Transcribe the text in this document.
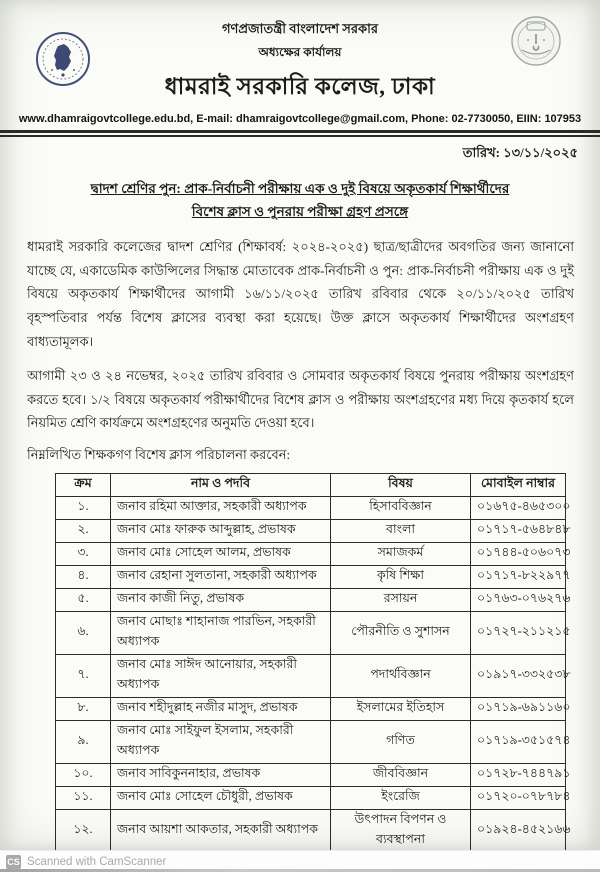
গণপ্রজাতন্ত্রী বাংলাদেশ সরকার
অধ্যক্ষের কার্যালয়
ধামরাই সরকারি কলেজ, ঢাকা
www.dhamraigovtcollege.edu.bd, E-mail: dhamraigovtcollege@gmail.com, Phone: 02-7730050, EIIN: 107953
তারিখ: ১৩/১১/২০২৫
দ্বাদশ শ্রেণির পুন: প্রাক-নির্বাচনী পরীক্ষায় এক ও দুই বিষয়ে অকৃতকার্য শিক্ষার্থীদের
বিশেষ ক্লাস ও পুনরায় পরীক্ষা গ্রহণ প্রসঙ্গে

ধামরাই সরকারি কলেজের দ্বাদশ শ্রেণির (শিক্ষাবর্ষ: ২০২৪-২০২৫) ছাত্র/ছাত্রীদের অবগতির জন্য জানানো যাচ্ছে যে, একাডেমিক কাউন্সিলের সিদ্ধান্ত মোতাবেক প্রাক-নির্বাচনী ও পুন: প্রাক-নির্বাচনী পরীক্ষায় এক ও দুই বিষয়ে অকৃতকার্য শিক্ষার্থীদের আগামী ১৬/১১/২০২৫ তারিখ রবিবার থেকে ২০/১১/২০২৫ তারিখ বৃহস্পতিবার পর্যন্ত বিশেষ ক্লাসের ব্যবস্থা করা হয়েছে। উক্ত ক্লাসে অকৃতকার্য শিক্ষার্থীদের অংশগ্রহণ বাধ্যতামূলক।

আগামী ২৩ ও ২৪ নভেম্বর, ২০২৫ তারিখ রবিবার ও সোমবার অকৃতকার্য বিষয়ে পুনরায় পরীক্ষায় অংশগ্রহণ করতে হবে। ১/২ বিষয়ে অকৃতকার্য পরীক্ষার্থীদের বিশেষ ক্লাস ও পরীক্ষায় অংশগ্রহণের মধ্য দিয়ে কৃতকার্য হলে নিয়মিত শ্রেণি কার্যক্রমে অংশগ্রহণের অনুমতি দেওয়া হবে।

নিম্নলিখিত শিক্ষকগণ বিশেষ ক্লাস পরিচালনা করবেন:
ক্রম	নাম ও পদবি	বিষয়	মোবাইল নাম্বার
১.	জনাব রহিমা আক্তার, সহকারী অধ্যাপক	হিসাববিজ্ঞান	০১৬৭৫-৪৬৫৩০০
২.	জনাব মোঃ ফারুক আব্দুল্লাহ, প্রভাষক	বাংলা	০১৭১৭-৫৬৪৮৪৮
৩.	জনাব মোঃ সোহেল আলম, প্রভাষক	সমাজকর্ম	০১৭৪৪-৫০৬০৭৩
৪.	জনাব রেহানা সুলতানা, সহকারী অধ্যাপক	কৃষি শিক্ষা	০১৭১৭-৮২২৯৭৭
৫.	জনাব কাজী নিতু, প্রভাষক	রসায়ন	০১৭৬৩-০৭৬২৭৬
৬.	জনাব মোছাঃ শাহানাজ পারভিন, সহকারী অধ্যাপক	পৌরনীতি ও সুশাসন	০১৭২৭-২১১২১৫
৭.	জনাব মোঃ সাঈদ আনোয়ার, সহকারী অধ্যাপক	পদার্থবিজ্ঞান	০১৯১৭-৩৩২৫৩৮
৮.	জনাব শহীদুল্লাহ নজীর মাসুদ, প্রভাষক	ইসলামের ইতিহাস	০১৭১৯-৬৯১১৬০
৯.	জনাব মোঃ সাইফুল ইসলাম, সহকারী অধ্যাপক	গণিত	০১৭১৯-৩৫১৫৭৪
১০.	জনাব সাবিকুননাহার, প্রভাষক	জীববিজ্ঞান	০১৭২৮-৭৪৪৭৯১
১১.	জনাব মোঃ সোহেল চৌধুরী, প্রভাষক	ইংরেজি	০১৭২০-০৭৮৭৮৪
১২.	জনাব আয়শা আকতার, সহকারী অধ্যাপক	উৎপাদন বিপণন ও ব্যবস্থাপনা	০১৯২৪-৪৫২১৬৬

CS Scanned with CamScanner
